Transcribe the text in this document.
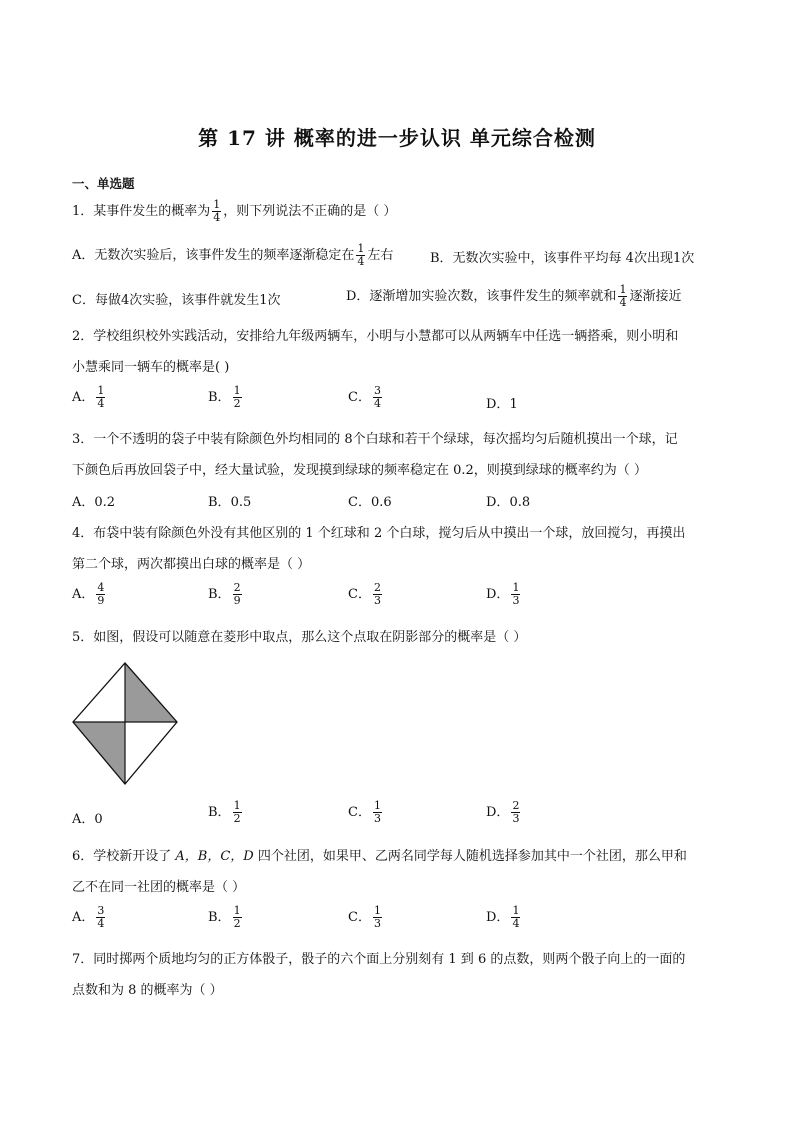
第 17 讲 概率的进一步认识 单元综合检测
一、单选题
1．某事件发生的概率为 $\frac{1}{4}$ ，则下列说法不正确的是（ ）
A．无数次实验后，该事件发生的频率逐渐稳定在 $\frac{1}{4}$ 左右	B．无数次实验中，该事件平均每 4次出现1次
C．每做4次实验，该事件就发生1次	D．逐渐增加实验次数，该事件发生的频率就和 $\frac{1}{4}$ 逐渐接近
2．学校组织校外实践活动，安排给九年级两辆车，小明与小慧都可以从两辆车中任选一辆搭乘，则小明和
小慧乘同一辆车的概率是( )
A． $\frac{1}{4}$	B． $\frac{1}{2}$	C． $\frac{3}{4}$	D．1
3．一个不透明的袋子中装有除颜色外均相同的 8个白球和若干个绿球，每次摇均匀后随机摸出一个球，记
下颜色后再放回袋子中，经大量试验，发现摸到绿球的频率稳定在 0.2，则摸到绿球的概率约为（ ）
A．0.2	B．0.5	C．0.6	D．0.8
4．布袋中装有除颜色外没有其他区别的 1 个红球和 2 个白球，搅匀后从中摸出一个球，放回搅匀，再摸出
第二个球，两次都摸出白球的概率是（ ）
A． $\frac{4}{9}$	B． $\frac{2}{9}$	C． $\frac{2}{3}$	D． $\frac{1}{3}$
5．如图，假设可以随意在菱形中取点，那么这个点取在阴影部分的概率是（ ）
A．0	B． $\frac{1}{2}$	C． $\frac{1}{3}$	D． $\frac{2}{3}$
6．学校新开设了 A，B，C，D 四个社团，如果甲、乙两名同学每人随机选择参加其中一个社团，那么甲和
乙不在同一社团的概率是（ ）
A． $\frac{3}{4}$	B． $\frac{1}{2}$	C． $\frac{1}{3}$	D． $\frac{1}{4}$
7．同时掷两个质地均匀的正方体骰子，骰子的六个面上分别刻有 1 到 6 的点数，则两个骰子向上的一面的
点数和为 8 的概率为（ ）
